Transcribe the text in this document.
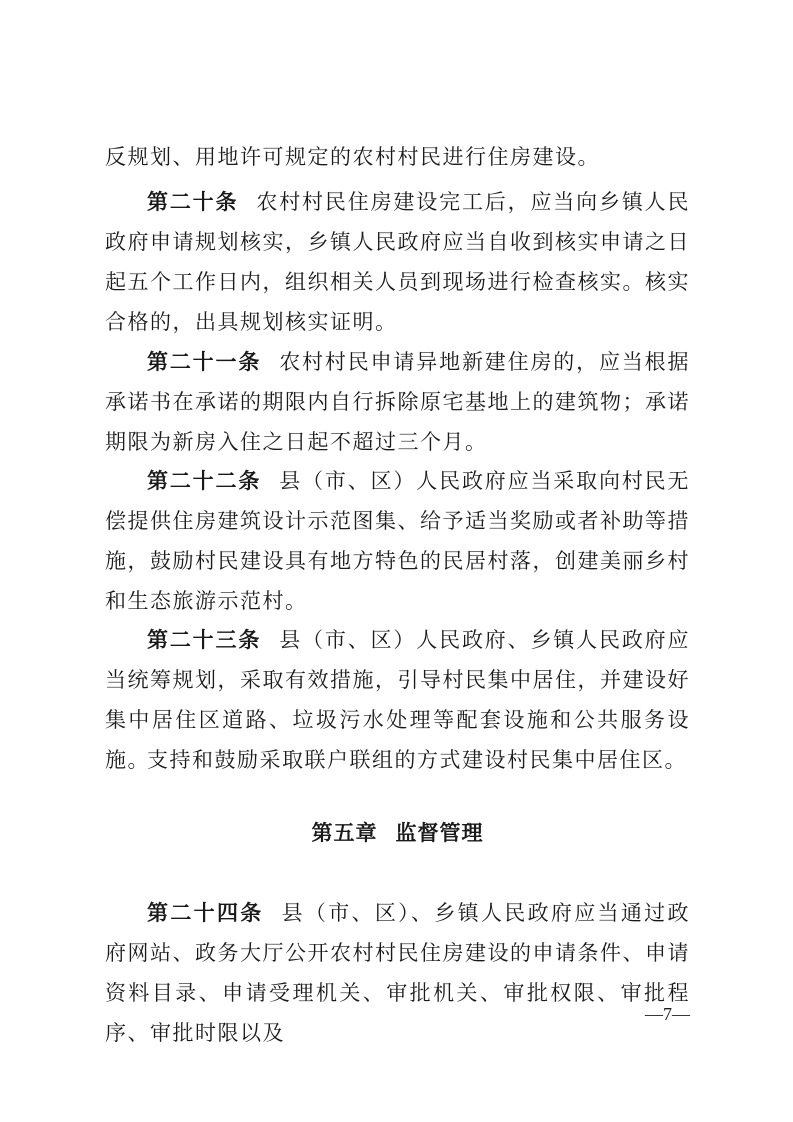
反规划、用地许可规定的农村村民进行住房建设。

第二十条 农村村民住房建设完工后，应当向乡镇人民政府申请规划核实，乡镇人民政府应当自收到核实申请之日起五个工作日内，组织相关人员到现场进行检查核实。核实合格的，出具规划核实证明。

第二十一条 农村村民申请异地新建住房的，应当根据承诺书在承诺的期限内自行拆除原宅基地上的建筑物；承诺期限为新房入住之日起不超过三个月。

第二十二条 县（市、区）人民政府应当采取向村民无偿提供住房建筑设计示范图集、给予适当奖励或者补助等措施，鼓励村民建设具有地方特色的民居村落，创建美丽乡村和生态旅游示范村。

第二十三条 县（市、区）人民政府、乡镇人民政府应当统筹规划，采取有效措施，引导村民集中居住，并建设好集中居住区道路、垃圾污水处理等配套设施和公共服务设施。

支持和鼓励采取联户联组的方式建设村民集中居住区。

第五章 监督管理

第二十四条 县（市、区）、乡镇人民政府应当通过政府网站、政务大厅公开农村村民住房建设的申请条件、申请资料目录、申请受理机关、审批机关、审批权限、审批程序、审批时限以及

—7—
